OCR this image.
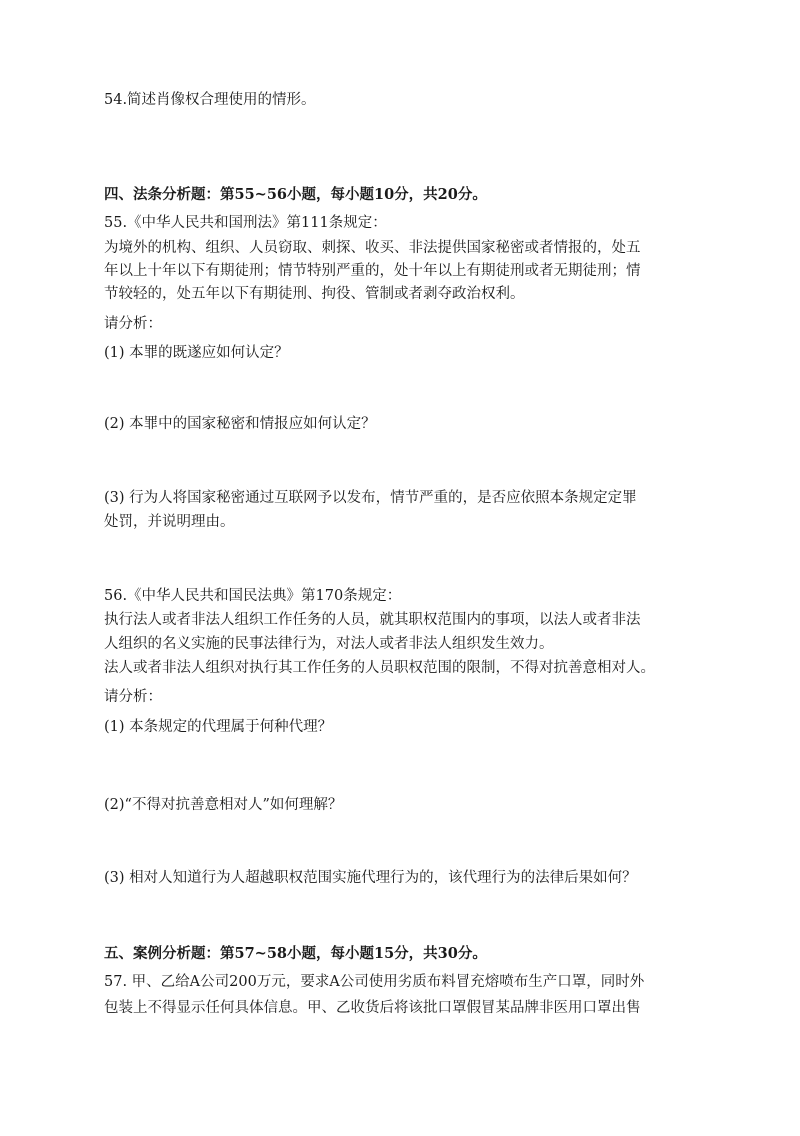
54.简述肖像权合理使用的情形。
四、法条分析题：第55~56小题，每小题10分，共20分。
55.《中华人民共和国刑法》第111条规定：
为境外的机构、组织、人员窃取、刺探、收买、非法提供国家秘密或者情报的，处五
年以上十年以下有期徒刑；情节特别严重的，处十年以上有期徒刑或者无期徒刑；情
节较轻的，处五年以下有期徒刑、拘役、管制或者剥夺政治权利。
请分析：
(1) 本罪的既遂应如何认定？
(2) 本罪中的国家秘密和情报应如何认定？
(3) 行为人将国家秘密通过互联网予以发布，情节严重的，是否应依照本条规定定罪
处罚，并说明理由。
56.《中华人民共和国民法典》第170条规定：
执行法人或者非法人组织工作任务的人员，就其职权范围内的事项，以法人或者非法
人组织的名义实施的民事法律行为，对法人或者非法人组织发生效力。
法人或者非法人组织对执行其工作任务的人员职权范围的限制，不得对抗善意相对人。
请分析：
(1) 本条规定的代理属于何种代理？
(2)“不得对抗善意相对人”如何理解？
(3) 相对人知道行为人超越职权范围实施代理行为的，该代理行为的法律后果如何？
五、案例分析题：第57~58小题，每小题15分，共30分。
57. 甲、乙给A公司200万元，要求A公司使用劣质布料冒充熔喷布生产口罩，同时外
包装上不得显示任何具体信息。甲、乙收货后将该批口罩假冒某品牌非医用口罩出售
